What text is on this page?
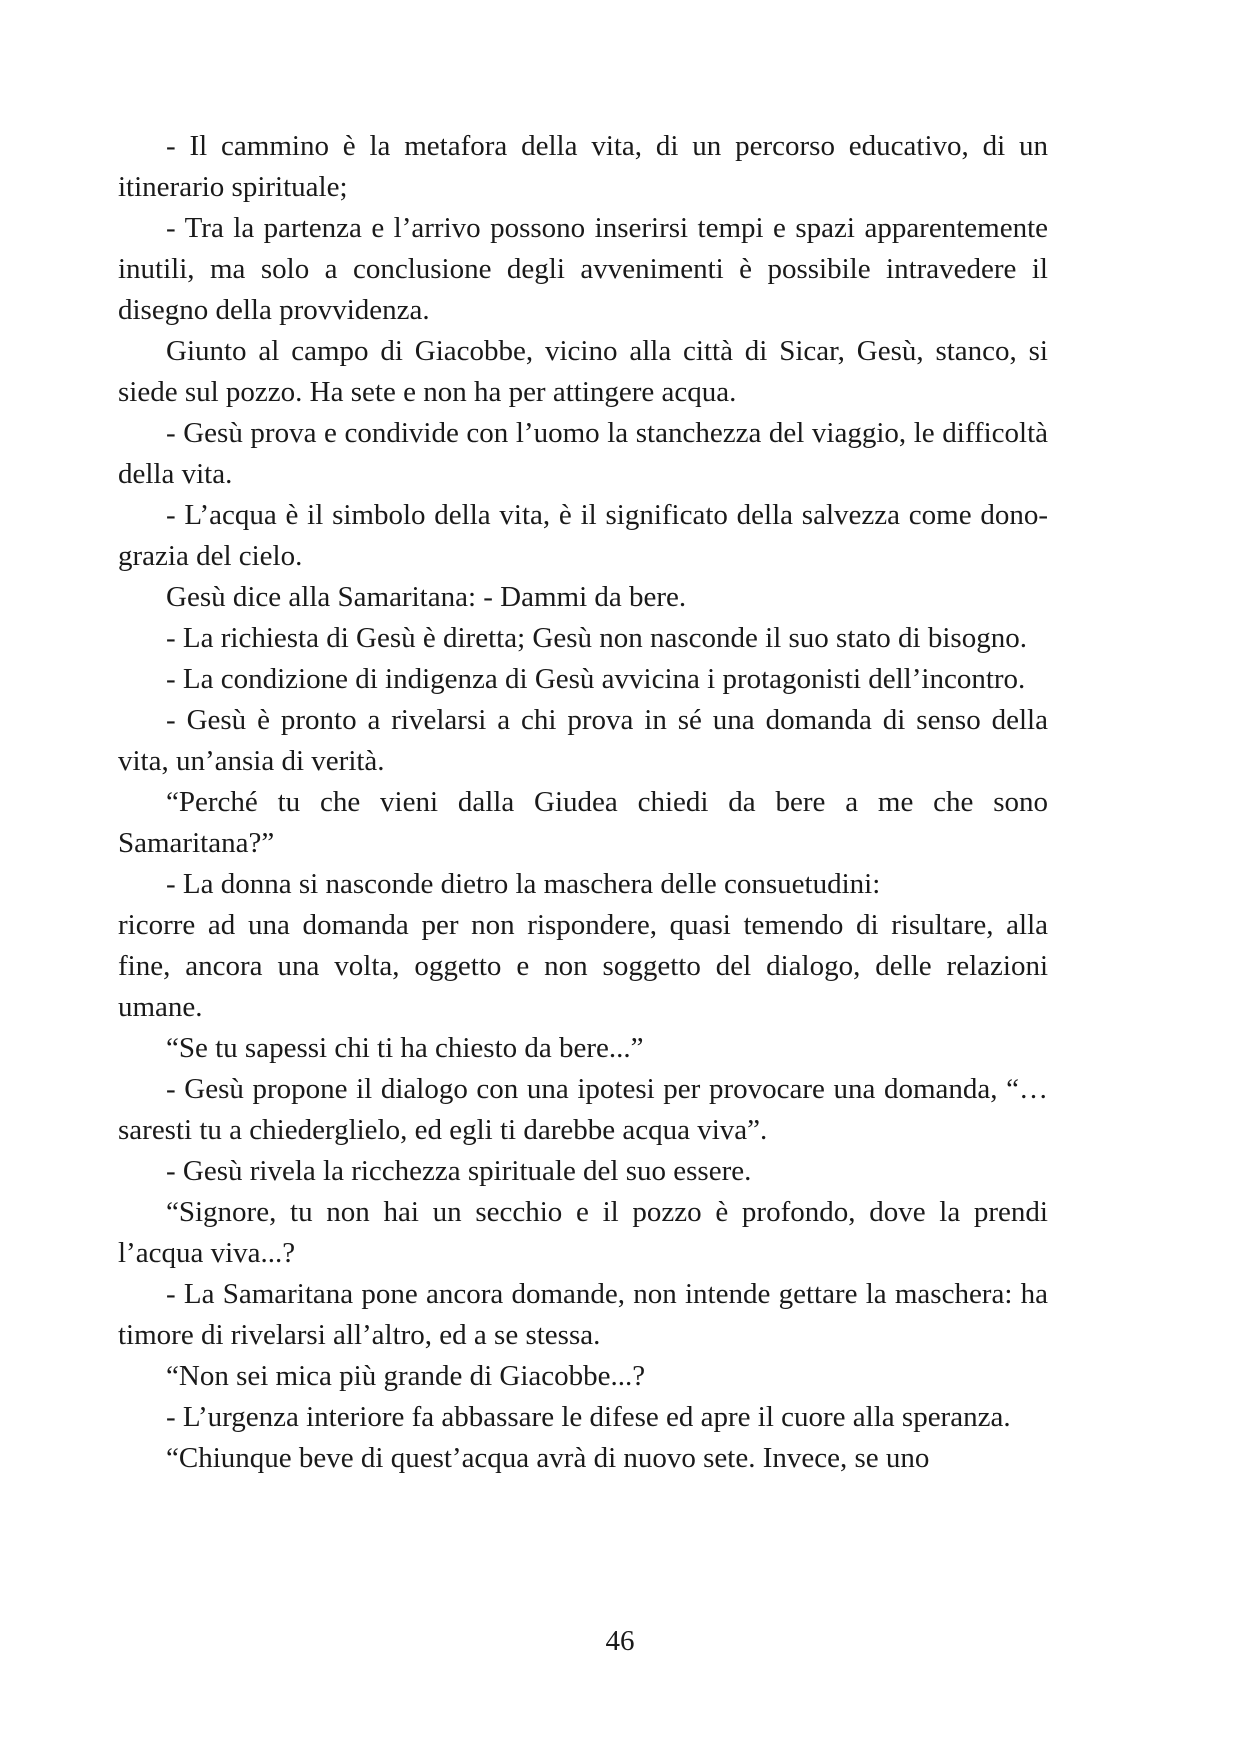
- Il cammino è la metafora della vita, di un percorso educativo, di un itinerario spirituale;

- Tra la partenza e l’arrivo possono inserirsi tempi e spazi apparentemente inutili, ma solo a conclusione degli avvenimenti è possibile intravedere il disegno della provvidenza.

Giunto al campo di Giacobbe, vicino alla città di Sicar, Gesù, stanco, si siede sul pozzo. Ha sete e non ha per attingere acqua.

- Gesù prova e condivide con l’uomo la stanchezza del viaggio, le difficoltà della vita.

- L’acqua è il simbolo della vita, è il significato della salvezza come dono-grazia del cielo.

Gesù dice alla Samaritana: - Dammi da bere.

- La richiesta di Gesù è diretta; Gesù non nasconde il suo stato di bisogno.

- La condizione di indigenza di Gesù avvicina i protagonisti dell’incontro.

- Gesù è pronto a rivelarsi a chi prova in sé una domanda di senso della vita, un’ansia di verità.

“Perché tu che vieni dalla Giudea chiedi da bere a me che sono Samaritana?”

- La donna si nasconde dietro la maschera delle consuetudini:

ricorre ad una domanda per non rispondere, quasi temendo di risultare, alla fine, ancora una volta, oggetto e non soggetto del dialogo, delle relazioni umane.

“Se tu sapessi chi ti ha chiesto da bere...”

- Gesù propone il dialogo con una ipotesi per provocare una domanda, “…saresti tu a chiederglielo, ed egli ti darebbe acqua viva”.

- Gesù rivela la ricchezza spirituale del suo essere.

“Signore, tu non hai un secchio e il pozzo è profondo, dove la prendi l’acqua viva...?

- La Samaritana pone ancora domande, non intende gettare la maschera: ha timore di rivelarsi all’altro, ed a se stessa.

“Non sei mica più grande di Giacobbe...?

- L’urgenza interiore fa abbassare le difese ed apre il cuore alla speranza.

“Chiunque beve di quest’acqua avrà di nuovo sete. Invece, se uno

46
